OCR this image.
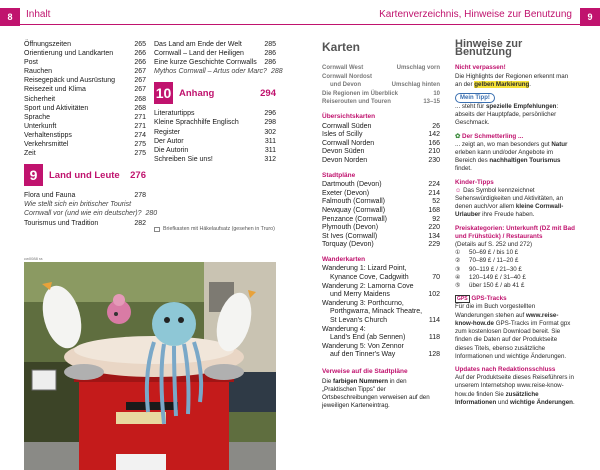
8	Inhalt	Kartenverzeichnis, Hinweise zur Benutzung	9
Öffnungszeiten	265
Orientierung und Landkarten	266
Post	266
Rauchen	267
Reisegepäck und Ausrüstung	267
Reisezeit und Klima	267
Sicherheit	268
Sport und Aktivitäten	268
Sprache	271
Unterkunft	271
Verhaltenstipps	274
Verkehrsmittel	275
Zeit	275
9	Land und Leute	276
Flora und Fauna	278
Wie stellt sich ein britischer Tourist
Cornwall vor (und wie ein deutscher)? 280
Tourismus und Tradition	282
Das Land am Ende der Welt	285
Cornwall – Land der Heiligen	286
Eine kurze Geschichte Cornwalls 286
Mythos Cornwall – Artus oder Marc? 288
10 Anhang	294
Literaturtipps	296
Kleine Sprachhilfe Englisch	298
Register	302
Der Autor	311
Die Autorin	311
Schreiben Sie uns!	312
Briefkasten mit Häkelaufsatz (gesehen in Truro)
cw0088 ra
Karten
Cornwall West	Umschlag vorn
Cornwall Nordost
und Devon	Umschlag hinten
Die Regionen im Überblick	10
Reiserouten und Touren	13–15
Übersichtskarten
Cornwall Süden	26
Isles of Scilly	142
Cornwall Norden	166
Devon Süden	210
Devon Norden	230
Stadtpläne
Dartmouth (Devon)	224
Exeter (Devon)	214
Falmouth (Cornwall)	52
Newquay (Cornwall)	168
Penzance (Cornwall)	92
Plymouth (Devon)	220
St Ives (Cornwall)	134
Torquay (Devon)	229
Wanderkarten
Wanderung 1: Lizard Point,
Kynance Cove, Cadgwith	70
Wanderung 2: Lamorna Cove
und Merry Maidens	102
Wanderung 3: Porthcurno,
Porthgwarra, Minack Theatre,
St Levan's Church	114
Wanderung 4:
Land's End (ab Sennen)	118
Wanderung 5: Von Zennor
auf den Tinner's Way	128
Verweise auf die Stadtpläne
Die farbigen Nummern in den „Praktischen Tipps" der Ortsbeschreibungen verweisen auf den jeweiligen Karteneintrag.
Hinweise zur Benutzung
Nicht verpassen!
Die Highlights der Regionen erkennt man an der gelben Markierung.
Mein Tipp!
... steht für spezielle Empfehlungen: abseits der Hauptpfade, persönlicher Geschmack.
✿ Der Schmetterling ...
... zeigt an, wo man besonders gut Natur erleben kann und/oder Angebote im Bereich des nachhaltigen Tourismus findet.
Kinder-Tipps
☺ Das Symbol kennzeichnet Sehenswürdigkeiten und Aktivitäten, an denen auch/vor allem kleine Cornwall-Urlauber ihre Freude haben.
Preiskategorien: Unterkunft (DZ mit Bad und Frühstück) / Restaurants
(Details auf S. 252 und 272)
①	50–69 £ / bis 10 £
②	70–89 £ / 11–20 £
③	90–119 £ / 21–30 £
④	120–149 £ / 31–40 £
⑤	über 150 £ / ab 41 £
GPS GPS-Tracks
Für die im Buch vorgestellten Wanderungen stehen auf www.reise-know-how.de GPS-Tracks im Format gpx zum kostenlosen Download bereit. Sie finden die Daten auf der Produktseite dieses Titels, ebenso zusätzliche Informationen und wichtige Änderungen.
Updates nach Redaktionsschluss
Auf der Produktseite dieses Reiseführers in unserem Internetshop www.reise-know-how.de finden Sie zusätzliche Informationen und wichtige Änderungen.
